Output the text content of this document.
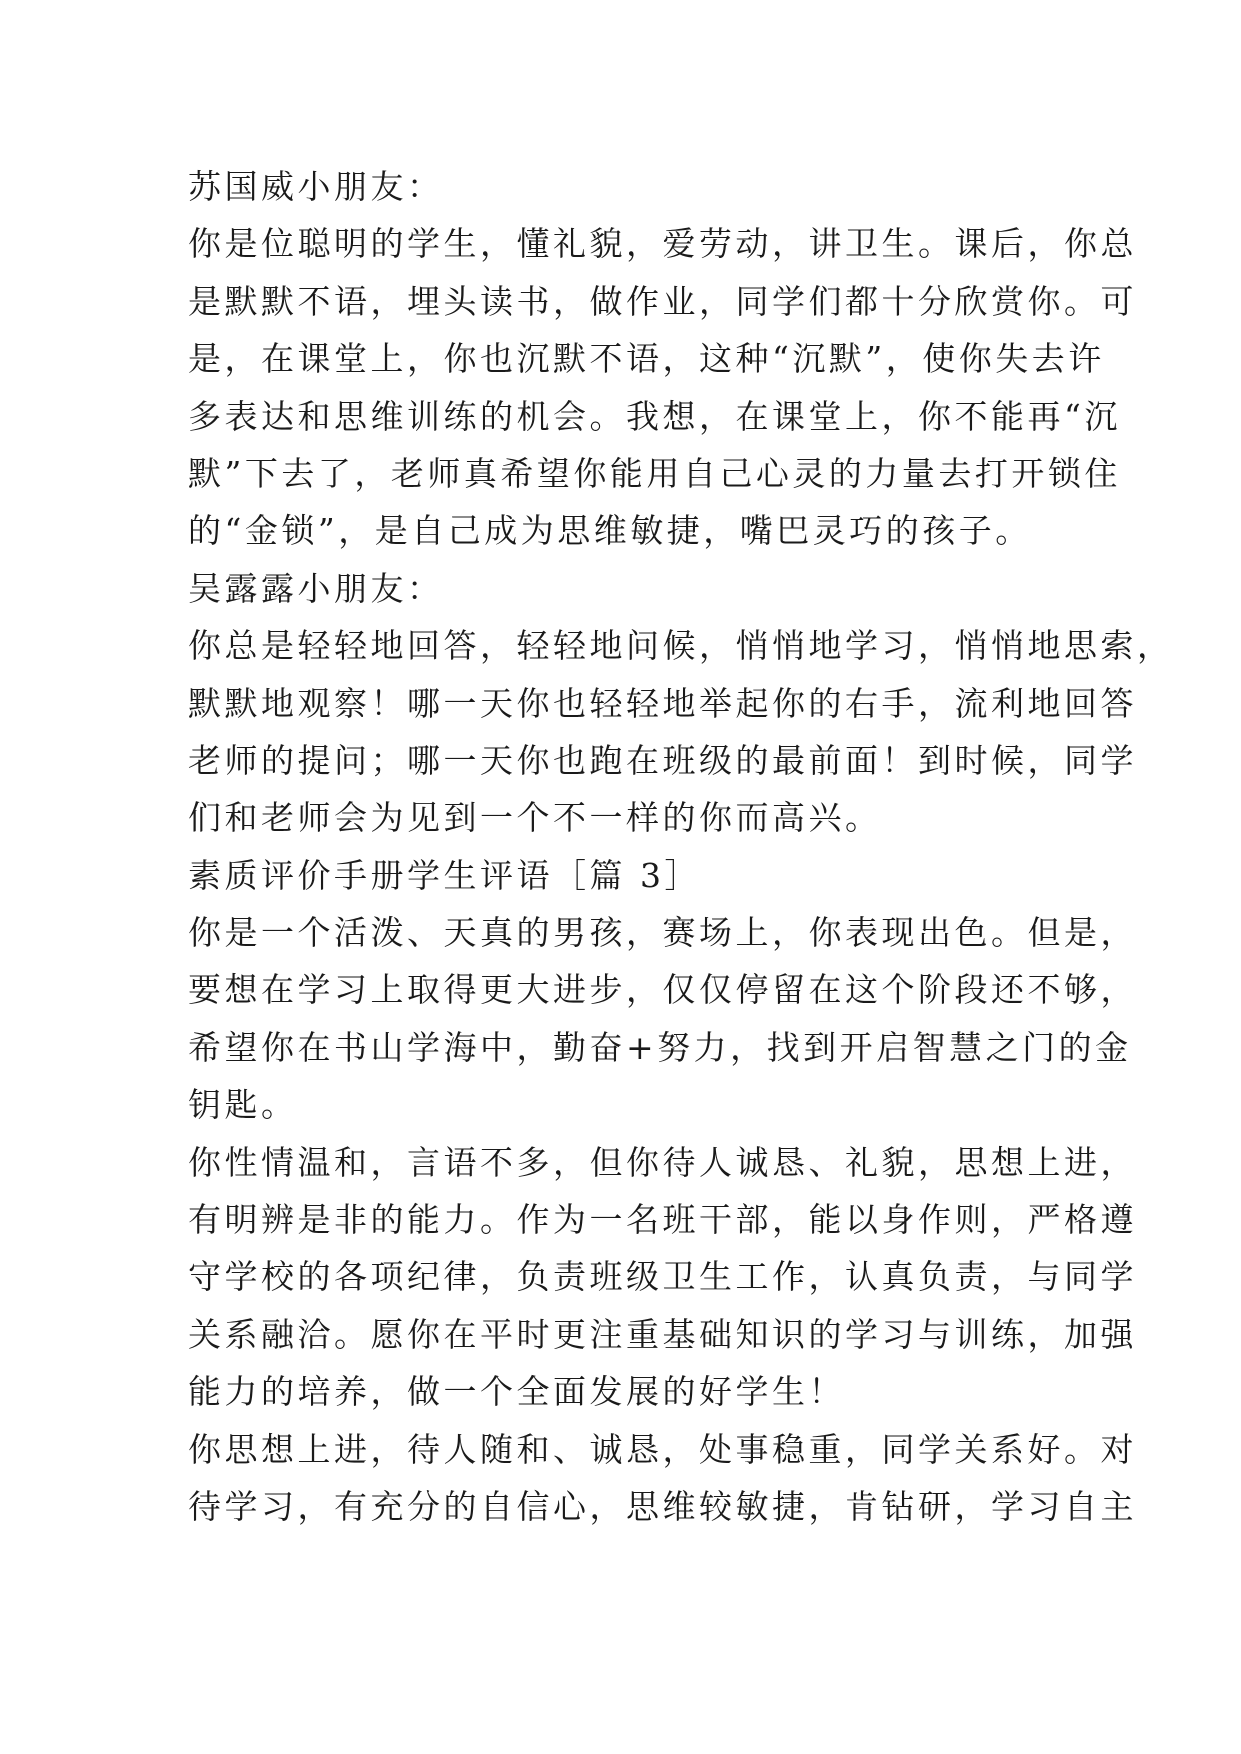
苏国威小朋友：
你是位聪明的学生，懂礼貌，爱劳动，讲卫生。课后，你总
是默默不语，埋头读书，做作业，同学们都十分欣赏你。可
是，在课堂上，你也沉默不语，这种“沉默”，使你失去许
多表达和思维训练的机会。我想，在课堂上，你不能再“沉
默”下去了，老师真希望你能用自己心灵的力量去打开锁住
的“金锁”，是自己成为思维敏捷，嘴巴灵巧的孩子。
吴露露小朋友：
你总是轻轻地回答，轻轻地问候，悄悄地学习，悄悄地思索，
默默地观察！哪一天你也轻轻地举起你的右手，流利地回答
老师的提问；哪一天你也跑在班级的最前面！到时候，同学
们和老师会为见到一个不一样的你而高兴。
素质评价手册学生评语［篇 3］
你是一个活泼、天真的男孩，赛场上，你表现出色。但是，
要想在学习上取得更大进步，仅仅停留在这个阶段还不够，
希望你在书山学海中，勤奋+努力，找到开启智慧之门的金
钥匙。
你性情温和，言语不多，但你待人诚恳、礼貌，思想上进，
有明辨是非的能力。作为一名班干部，能以身作则，严格遵
守学校的各项纪律，负责班级卫生工作，认真负责，与同学
关系融洽。愿你在平时更注重基础知识的学习与训练，加强
能力的培养，做一个全面发展的好学生！
你思想上进，待人随和、诚恳，处事稳重，同学关系好。对
待学习，有充分的自信心，思维较敏捷，肯钻研，学习自主
